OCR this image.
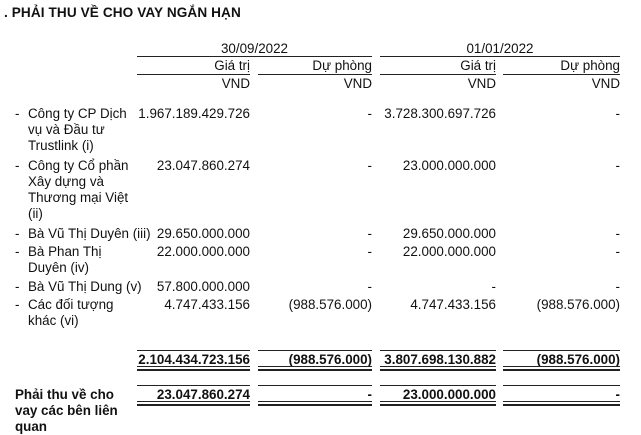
. PHẢI THU VỀ CHO VAY NGẮN HẠN
30/09/2022	01/01/2022
Giá trị	Dự phòng	Giá trị	Dự phòng
VND	VND	VND	VND
- Công ty CP Dịch vụ và Đầu tư Trustlink (i)
1.967.189.429.726	- 3.728.300.697.726	-
- Công ty Cổ phần Xây dựng và Thương mại Việt (ii)
23.047.860.274	-	23.000.000.000	-
- Bà Vũ Thị Duyên (iii) 29.650.000.000	-	29.650.000.000	-
- Bà Phan Thị Duyên (iv)
22.000.000.000	-	22.000.000.000	-
- Bà Vũ Thị Dung (v)	57.800.000.000	-	-	-
- Các đối tượng khác (vi)
4.747.433.156	(988.576.000)	4.747.433.156	(988.576.000)
2.104.434.723.156	(988.576.000) 3.807.698.130.882	(988.576.000)
Phải thu về cho vay các bên liên quan
23.047.860.274	-	23.000.000.000	-
